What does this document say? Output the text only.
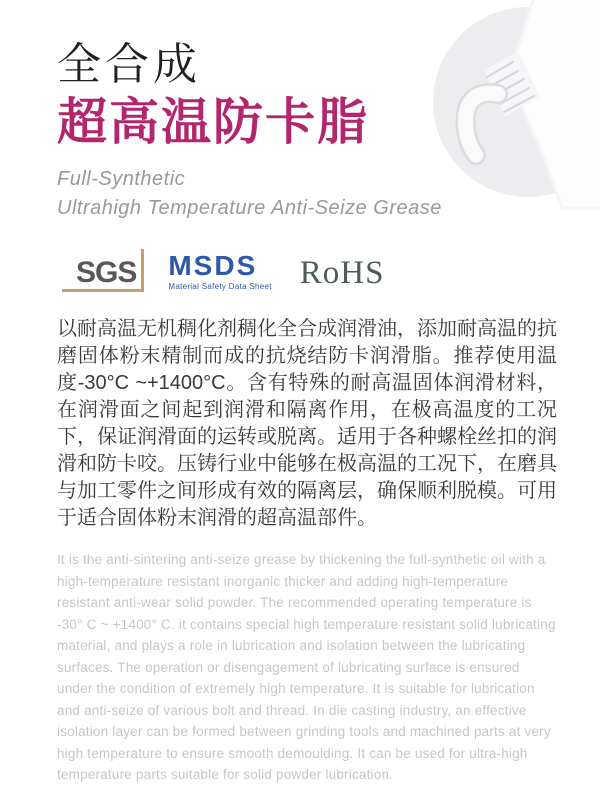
全合成
超高温防卡脂

Full-Synthetic

Ultrahigh Temperature Anti-Seize Grease

SGS MSDS
Material Safety Data Sheet RoHS

以耐高温无机稠化剂稠化全合成润滑油，添加耐高温的抗磨固体粉末精制而成的抗烧结防卡润滑脂。推荐使用温度-30°C ~+1400°C。含有特殊的耐高温固体润滑材料，在润滑面之间起到润滑和隔离作用，在极高温度的工况下，保证润滑面的运转或脱离。适用于各种螺栓丝扣的润滑和防卡咬。压铸行业中能够在极高温的工况下，在磨具与加工零件之间形成有效的隔离层，确保顺利脱模。可用于适合固体粉末润滑的超高温部件。

It is the anti-sintering anti-seize grease by thickening the full-synthetic oil with a high-temperature resistant inorganic thicker and adding high-temperature resistant anti-wear solid powder. The recommended operating temperature is -30° C ~ +1400° C. it contains special high temperature resistant solid lubricating material, and plays a role in lubrication and isolation between the lubricating surfaces. The operation or disengagement of lubricating surface is ensured under the condition of extremely high temperature. It is suitable for lubrication and anti-seize of various bolt and thread. In die casting industry, an effective isolation layer can be formed between grinding tools and machined parts at very high temperature to ensure smooth demoulding. It can be used for ultra-high temperature parts suitable for solid powder lubrication.
